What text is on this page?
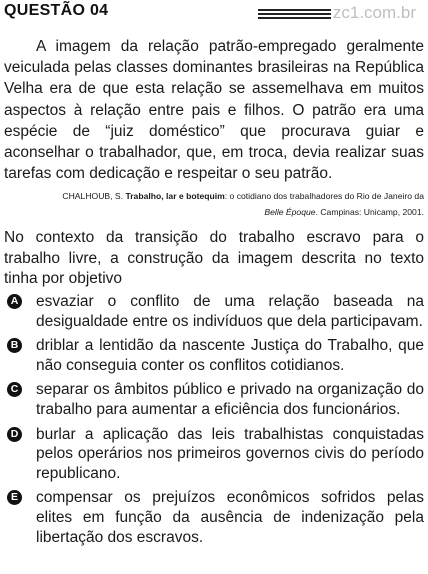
QUESTÃO 04	zc1.com.br

A imagem da relação patrão-empregado geralmente veiculada pelas classes dominantes brasileiras na República Velha era de que esta relação se assemelhava em muitos aspectos à relação entre pais e filhos. O patrão era uma espécie de “juiz doméstico” que procurava guiar e aconselhar o trabalhador, que, em troca, devia realizar suas tarefas com dedicação e respeitar o seu patrão.

CHALHOUB, S. Trabalho, lar e botequim: o cotidiano dos trabalhadores do Rio de Janeiro da Belle Époque. Campinas: Unicamp, 2001.

No contexto da transição do trabalho escravo para o trabalho livre, a construção da imagem descrita no texto tinha por objetivo

A esvaziar o conflito de uma relação baseada na desigualdade entre os indivíduos que dela participavam.
B driblar a lentidão da nascente Justiça do Trabalho, que não conseguia conter os conflitos cotidianos.
C separar os âmbitos público e privado na organização do trabalho para aumentar a eficiência dos funcionários.
D burlar a aplicação das leis trabalhistas conquistadas pelos operários nos primeiros governos civis do período republicano.
E compensar os prejuízos econômicos sofridos pelas elites em função da ausência de indenização pela libertação dos escravos.
